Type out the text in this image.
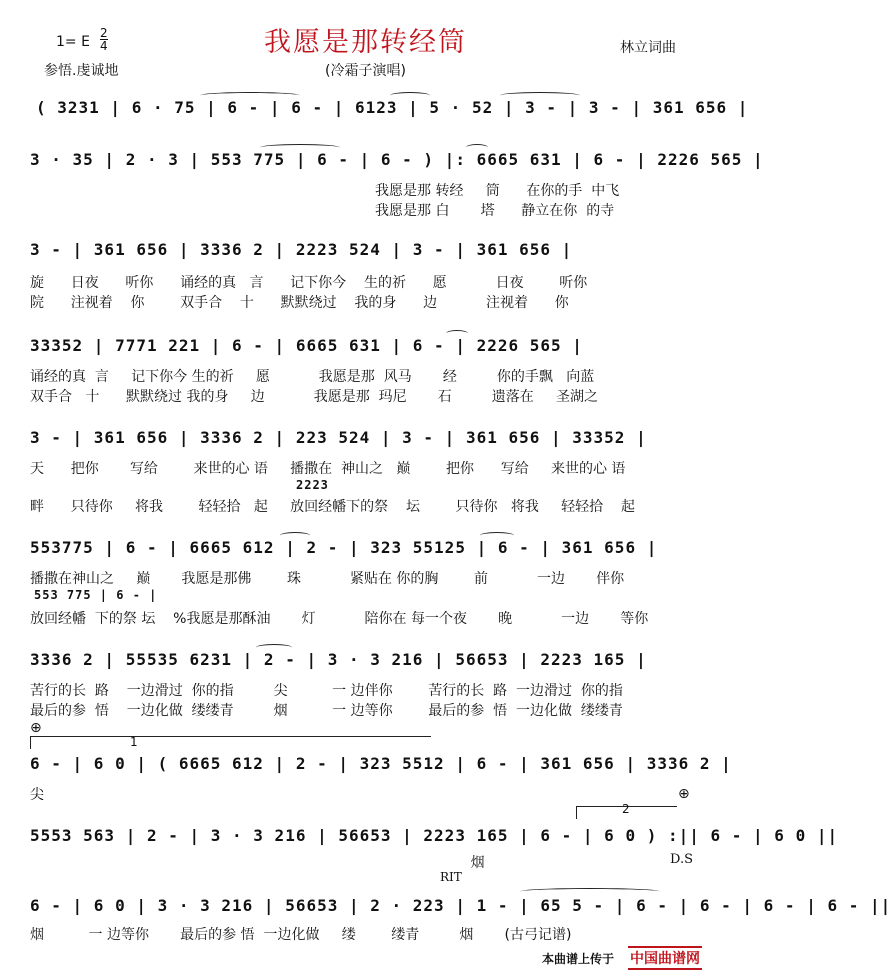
我愿是那转经筒
1= E $\frac{2}{4}$
参悟.虔诚地	(冷霜子演唱)
林立词曲
( 3231 | 6 · 75 | 6 - | 6 - | 6123 | 5 · 52 | 3 - | 3 - | 361 656 |
3 · 35 | 2 · 3 | 553 775 | 6 - | 6 - ) |: 6665 631 | 6 - | 2226 565 |
我愿是那 转经     筒      在你的手  中飞
我愿是那 白       塔      静立在你  的寺
3 - | 361 656 | 3336 2 | 2223 524 | 3 - | 361 656 |
旋      日夜      听你      诵经的真   言      记下你今    生的祈      愿           日夜        听你
院      注视着    你        双手合    十      默默绕过    我的身      边           注视着      你
33352 | 7771 221 | 6 - | 6665 631 | 6 - | 2226 565 |
诵经的真  言     记下你今 生的祈     愿           我愿是那  风马       经         你的手飘   向蓝
双手合   十      默默绕过 我的身     边           我愿是那  玛尼       石         遗落在     圣湖之
3 - | 361 656 | 3336 2 | 223 524 | 3 - | 361 656 | 33352 |
天      把你       写给        来世的心 语     播撒在  神山之   巅        把你      写给     来世的心 语
2223
畔      只待你     将我        轻轻拾   起     放回经幡下的祭    坛        只待你   将我     轻轻拾    起
553775 | 6 - | 6665 612 | 2 - | 323 55125 | 6 - | 361 656 |
播撒在神山之     巅       我愿是那佛        珠           紧贴在 你的胸        前           一边       伴你
553 775 | 6 - |
放回经幡  下的祭 坛    %我愿是那酥油       灯           陪你在 每一个夜       晚           一边       等你
3336 2 | 55535 6231 | 2 - | 3 · 3 216 | 56653 | 2223 165 |
苦行的长  路    一边滑过  你的指         尖          一 边伴你        苦行的长  路  一边滑过  你的指
最后的参  悟    一边化做  缕缕青         烟          一 边等你        最后的参  悟  一边化做  缕缕青
⊕
1
6 - | 6 0 | ( 6665 612 | 2 - | 323 5512 | 6 - | 361 656 | 3336 2 |
尖	⊕
2
5553 563 | 2 - | 3 · 3 216 | 56653 | 2223 165 | 6 - | 6 0 ) :|| 6 - | 6 0 ||
烟	D.S
RIT
6 - | 6 0 | 3 · 3 216 | 56653 | 2 · 223 | 1 - | 65 5 - | 6 - | 6 - | 6 - | 6 - ||
烟          一 边等你       最后的参 悟  一边化做     缕        缕青         烟       (古弓记谱)
本曲谱上传于 中国曲谱网
